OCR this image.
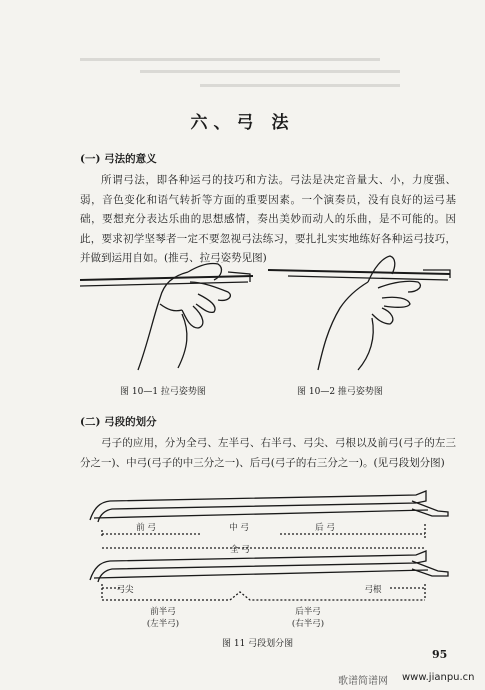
六、弓 法
(一) 弓法的意义
所谓弓法，即各种运弓的技巧和方法。弓法是决定音量大、小，力度强、弱，音色变化和语气转折等方面的重要因素。一个演奏员，没有良好的运弓基础，要想充分表达乐曲的思想感情，奏出美妙而动人的乐曲，是不可能的。因此，要求初学坚琴者一定不要忽视弓法练习，要扎扎实实地练好各种运弓技巧，并做到运用自如。(推弓、拉弓姿势见图)
图 10—1 拉弓姿势图	图 10—2 推弓姿势图
(二) 弓段的划分
弓子的应用，分为全弓、左半弓、右半弓、弓尖、弓根以及前弓(弓子的左三分之一)、中弓(弓子的中三分之一)、后弓(弓子的右三分之一)。(见弓段划分图)
前 弓	中 弓	后 弓
全 弓
弓尖	弓根
前半弓
(左半弓)
后半弓
(右半弓)
图 11 弓段划分图
95
歌谱简谱网 www.jianpu.cn
